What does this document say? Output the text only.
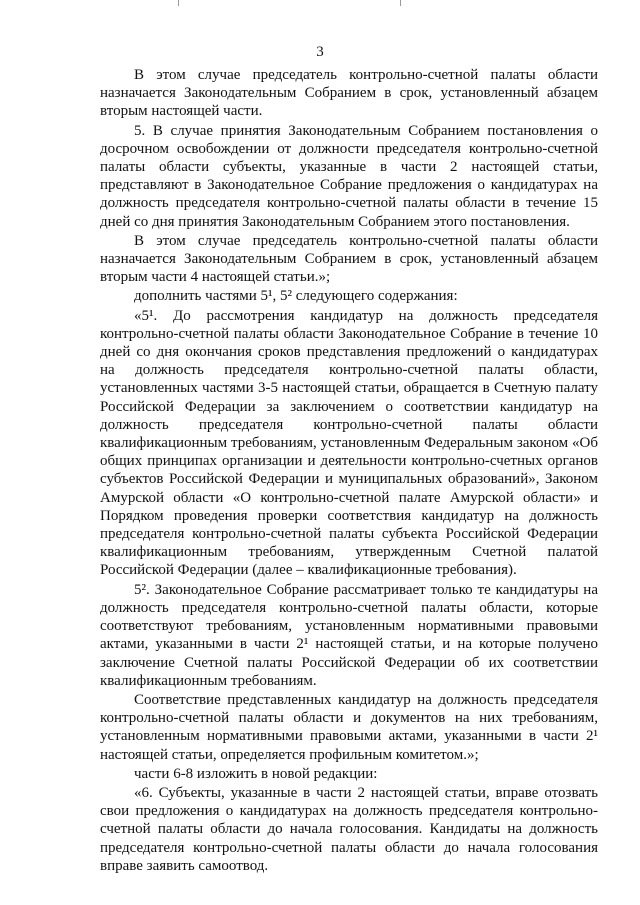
3

В этом случае председатель контрольно-счетной палаты области назначается Законодательным Собранием в срок, установленный абзацем вторым настоящей части.

5. В случае принятия Законодательным Собранием постановления о досрочном освобождении от должности председателя контрольно-счетной палаты области субъекты, указанные в части 2 настоящей статьи, представляют в Законодательное Собрание предложения о кандидатурах на должность председателя контрольно-счетной палаты области в течение 15 дней со дня принятия Законодательным Собранием этого постановления.

В этом случае председатель контрольно-счетной палаты области назначается Законодательным Собранием в срок, установленный абзацем вторым части 4 настоящей статьи.»;

дополнить частями 5¹, 5² следующего содержания:

«5¹. До рассмотрения кандидатур на должность председателя контрольно-счетной палаты области Законодательное Собрание в течение 10 дней со дня окончания сроков представления предложений о кандидатурах на должность председателя контрольно-счетной палаты области, установленных частями 3-5 настоящей статьи, обращается в Счетную палату Российской Федерации за заключением о соответствии кандидатур на должность председателя контрольно-счетной палаты области квалификационным требованиям, установленным Федеральным законом «Об общих принципах организации и деятельности контрольно-счетных органов субъектов Российской Федерации и муниципальных образований», Законом Амурской области «О контрольно-счетной палате Амурской области» и Порядком проведения проверки соответствия кандидатур на должность председателя контрольно-счетной палаты субъекта Российской Федерации квалификационным требованиям, утвержденным Счетной палатой Российской Федерации (далее – квалификационные требования).

5². Законодательное Собрание рассматривает только те кандидатуры на должность председателя контрольно-счетной палаты области, которые соответствуют требованиям, установленным нормативными правовыми актами, указанными в части 2¹ настоящей статьи, и на которые получено заключение Счетной палаты Российской Федерации об их соответствии квалификационным требованиям.

Соответствие представленных кандидатур на должность председателя контрольно-счетной палаты области и документов на них требованиям, установленным нормативными правовыми актами, указанными в части 2¹ настоящей статьи, определяется профильным комитетом.»;

части 6-8 изложить в новой редакции:

«6. Субъекты, указанные в части 2 настоящей статьи, вправе отозвать свои предложения о кандидатурах на должность председателя контрольно-счетной палаты области до начала голосования. Кандидаты на должность председателя контрольно-счетной палаты области до начала голосования вправе заявить самоотвод.
